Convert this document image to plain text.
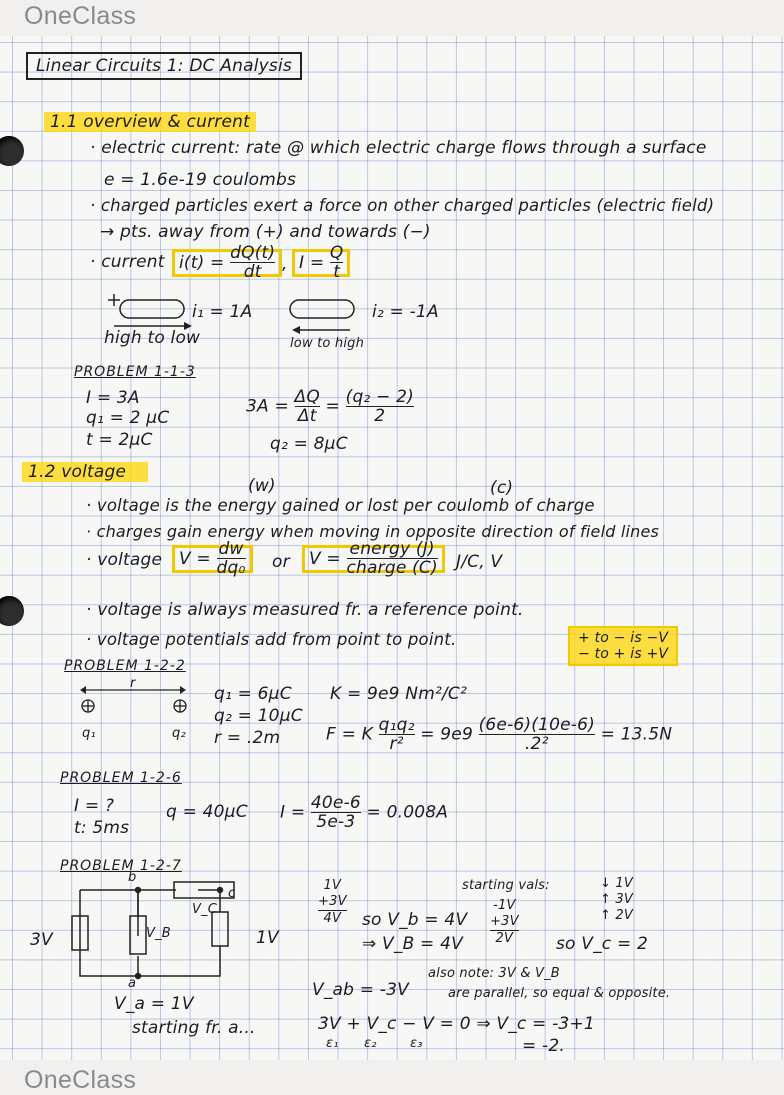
OneClass
Linear Circuits 1: DC Analysis
1.1 overview & current
· electric current: rate @ which electric charge flows through a surface
e = 1.6e-19 coulombs
· charged particles exert a force on other charged particles (electric field)
→ pts. away from (+) and towards (−)
· current $i(t) = \frac{dQ(t)}{dt}$ , $I = \frac{Q}{t}$
i₁ = 1A	i₂ = -1A
high to low	low to high
PROBLEM 1-1-3
I = 3A
q₁ = 2 μC
t = 2μC
$3A = \frac{\Delta Q}{\Delta t} = \frac{\text{(q₂ − 2)}}{2}$
q₂ = 8μC
1.2 voltage
(w)	(c)
· voltage is the energy gained or lost per coulomb of charge
· charges gain energy when moving in opposite direction of field lines
· voltage $V = \frac{dw}{\text{dq₀}}$ or	$V = \frac{\text{energy (J)}}{\text{charge (C)}} J/C$, V
· voltage is always measured fr. a reference point.
· voltage potentials add from point to point.	+ to − is −V
− to + is +V
PROBLEM 1-2-2
r
q₁	q₂
q₁ = 6μC
q₂ = 10μC
r = .2m
K = 9e9 Nm²/C²
F = K $\frac{\text{q₁q₂}}{\text{r²}} = 9e9 \frac{(6e-6)(10e-6)}{\text{.2²}} = 13.5N$
PROBLEM 1-2-6
I = ?
t: 5ms
q = 40μC $I = \frac{40e-6}{5e-3} = 0.008A$
PROBLEM 1-2-7
b
a
c
3V	V_B
V_C
1V
V_a = 1V
1V
+3V
4V	so V_b = 4V
⇒ V_B = 4V
starting vals:
-1V
+3V
2V	so V_c = 2
↓ 1V
↑ 3V
↑ 2V
V_ab = -3V
also note: 3V & V_B
are parallel, so equal & opposite.
starting fr. a...	3V + V_c − V = 0 ⇒ V_c = -3+1
ε₁ ε₂	ε₃	= -2.
OneClass
